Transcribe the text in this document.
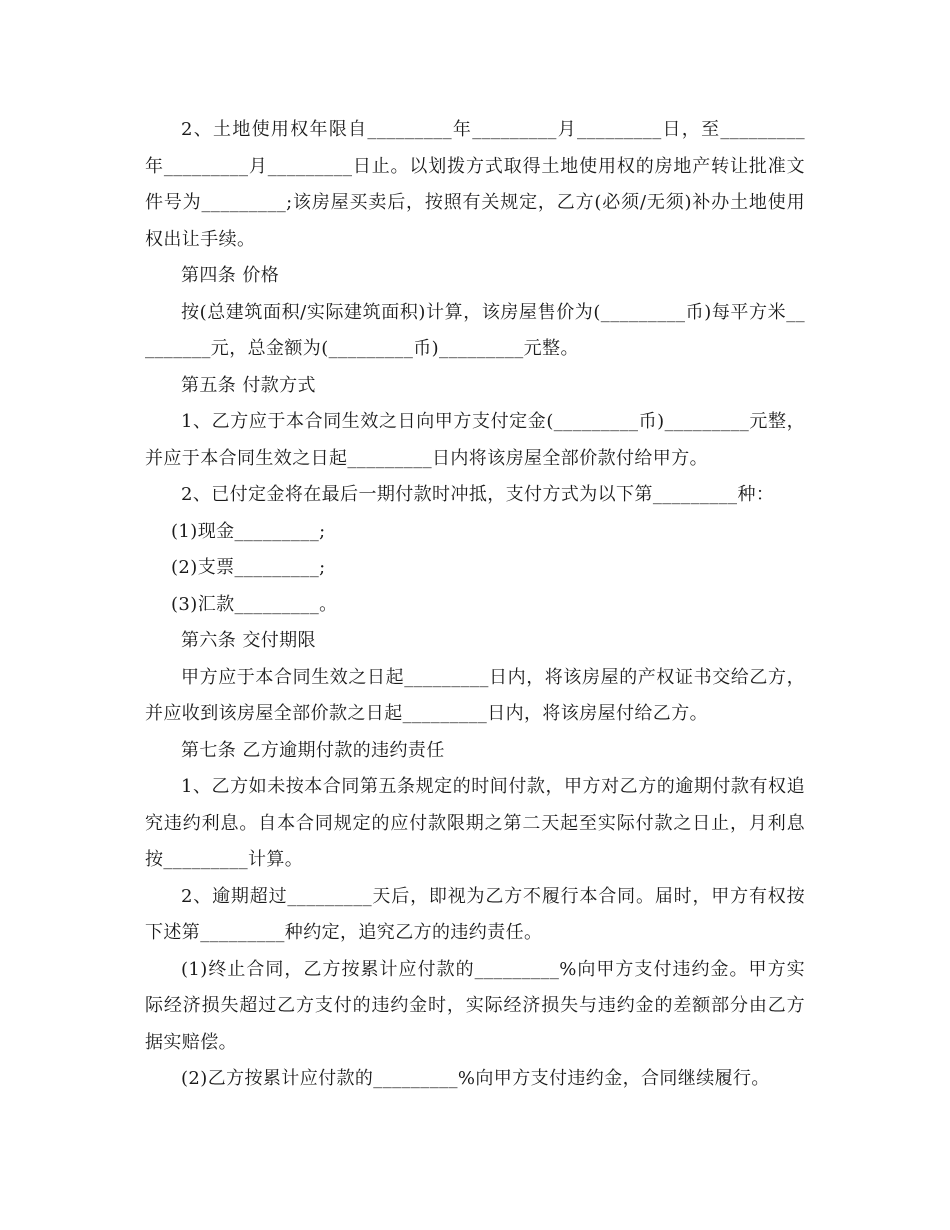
2、土地使用权年限自_________年_________月_________日，至_________年_________月_________日止。以划拨方式取得土地使用权的房地产转让批准文件号为_________;该房屋买卖后，按照有关规定，乙方(必须/无须)补办土地使用权出让手续。

第四条 价格

按(总建筑面积/实际建筑面积)计算，该房屋售价为(_________币)每平方米_________元，总金额为(_________币)_________元整。

第五条 付款方式

1、乙方应于本合同生效之日向甲方支付定金(_________币)_________元整，并应于本合同生效之日起_________日内将该房屋全部价款付给甲方。

2、已付定金将在最后一期付款时冲抵，支付方式为以下第_________种：

(1)现金_________;

(2)支票_________;

(3)汇款_________。

第六条 交付期限

甲方应于本合同生效之日起_________日内，将该房屋的产权证书交给乙方，并应收到该房屋全部价款之日起_________日内，将该房屋付给乙方。

第七条 乙方逾期付款的违约责任

1、乙方如未按本合同第五条规定的时间付款，甲方对乙方的逾期付款有权追究违约利息。自本合同规定的应付款限期之第二天起至实际付款之日止，月利息按_________计算。

2、逾期超过_________天后，即视为乙方不履行本合同。届时，甲方有权按下述第_________种约定，追究乙方的违约责任。

(1)终止合同，乙方按累计应付款的_________%向甲方支付违约金。甲方实际经济损失超过乙方支付的违约金时，实际经济损失与违约金的差额部分由乙方据实赔偿。

(2)乙方按累计应付款的_________%向甲方支付违约金，合同继续履行。
